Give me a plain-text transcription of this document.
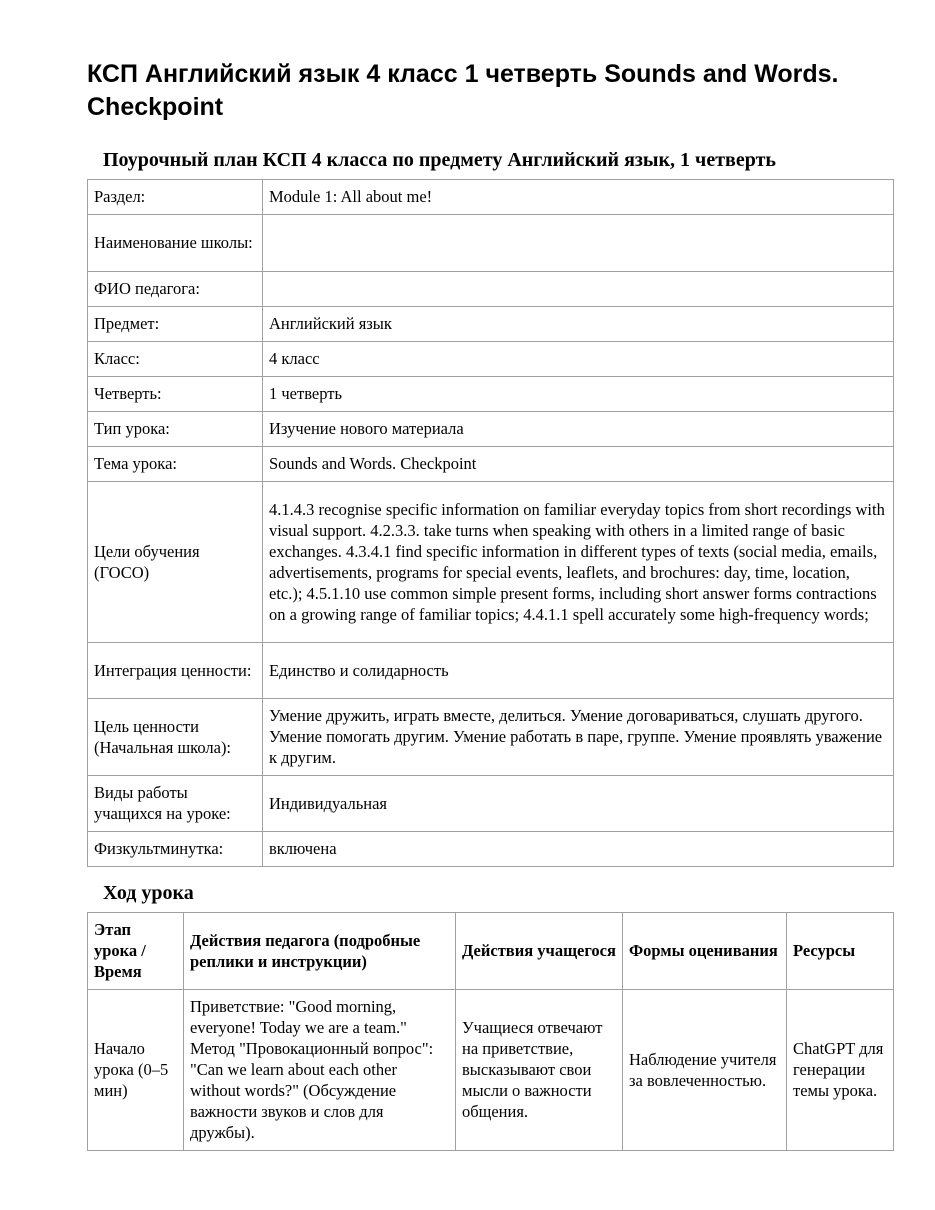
КСП Английский язык 4 класс 1 четверть Sounds and Words. Checkpoint
Поурочный план КСП 4 класса по предмету Английский язык, 1 четверть
Раздел:	Module 1: All about me!
Наименование школы:	
ФИО педагога:	
Предмет:	Английский язык
Класс:	4 класс
Четверть:	1 четверть
Тип урока:	Изучение нового материала
Тема урока:	Sounds and Words. Checkpoint
Цели обучения (ГОСО)	4.1.4.3 recognise specific information on familiar everyday topics from short recordings with visual support. 4.2.3.3. take turns when speaking with others in a limited range of basic exchanges. 4.3.4.1 find specific information in different types of texts (social media, emails, advertisements, programs for special events, leaflets, and brochures: day, time, location, etc.); 4.5.1.10 use common simple present forms, including short answer forms contractions on a growing range of familiar topics; 4.4.1.1 spell accurately some high-frequency words;
Интеграция ценности:	Единство и солидарность
Цель ценности (Начальная школа):	Умение дружить, играть вместе, делиться. Умение договариваться, слушать другого. Умение помогать другим. Умение работать в паре, группе. Умение проявлять уважение к другим.
Виды работы учащихся на уроке:	Индивидуальная
Физкультминутка:	включена
Ход урока
Этап урока / Время	Действия педагога (подробные реплики и инструкции)	Действия учащегося	Формы оценивания	Ресурсы
Начало урока (0–5 мин)	Приветствие: "Good morning, everyone! Today we are a team." Метод "Провокационный вопрос": "Can we learn about each other without words?" (Обсуждение важности звуков и слов для дружбы).	Учащиеся отвечают на приветствие, высказывают свои мысли о важности общения.	Наблюдение учителя за вовлеченностью.	ChatGPT для генерации темы урока.
